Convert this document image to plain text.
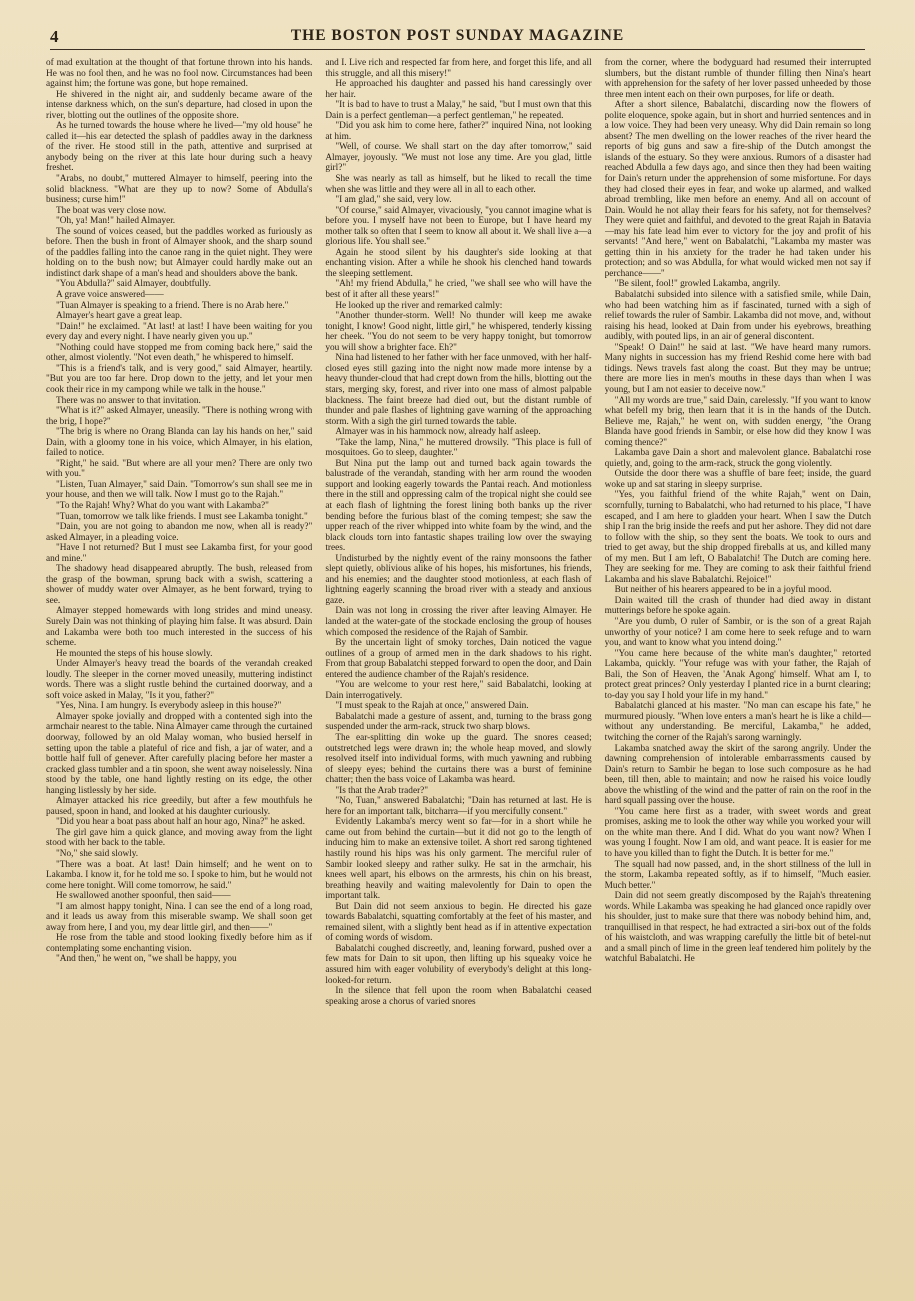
4	THE BOSTON POST SUNDAY MAGAZINE

of mad exultation at the thought of that fortune thrown into his hands. He was no fool then, and he was no fool now. Circumstances had been against him; the fortune was gone, but hope remained.

He shivered in the night air, and suddenly became aware of the intense darkness which, on the sun's departure, had closed in upon the river, blotting out the outlines of the opposite shore.

As he turned towards the house where he lived—"my old house" he called it—his ear detected the splash of paddles away in the darkness of the river. He stood still in the path, attentive and surprised at anybody being on the river at this late hour during such a heavy freshet.

"Arabs, no doubt," muttered Almayer to himself, peering into the solid blackness. "What are they up to now? Some of Abdulla's business; curse him!"

The boat was very close now.

"Oh, ya! Man!" hailed Almayer.

The sound of voices ceased, but the paddles worked as furiously as before. Then the bush in front of Almayer shook, and the sharp sound of the paddles falling into the canoe rang in the quiet night. They were holding on to the bush now; but Almayer could hardly make out an indistinct dark shape of a man's head and shoulders above the bank.

"You Abdulla?" said Almayer, doubtfully.

A grave voice answered——

"Tuan Almayer is speaking to a friend. There is no Arab here."

Almayer's heart gave a great leap.

"Dain!" he exclaimed. "At last! at last! I have been waiting for you every day and every night. I have nearly given you up."

"Nothing could have stopped me from coming back here," said the other, almost violently. "Not even death," he whispered to himself.

"This is a friend's talk, and is very good," said Almayer, heartily. "But you are too far here. Drop down to the jetty, and let your men cook their rice in my campong while we talk in the house."

There was no answer to that invitation.

"What is it?" asked Almayer, uneasily. "There is nothing wrong with the brig, I hope?"

"The brig is where no Orang Blanda can lay his hands on her," said Dain, with a gloomy tone in his voice, which Almayer, in his elation, failed to notice.

"Right," he said. "But where are all your men? There are only two with you."

"Listen, Tuan Almayer," said Dain. "Tomorrow's sun shall see me in your house, and then we will talk. Now I must go to the Rajah."

"To the Rajah! Why? What do you want with Lakamba?"

"Tuan, tomorrow we talk like friends. I must see Lakamba tonight."

"Dain, you are not going to abandon me now, when all is ready?" asked Almayer, in a pleading voice.

"Have I not returned? But I must see Lakamba first, for your good and mine."

The shadowy head disappeared abruptly. The bush, released from the grasp of the bowman, sprung back with a swish, scattering a shower of muddy water over Almayer, as he bent forward, trying to see.

Almayer stepped homewards with long strides and mind uneasy. Surely Dain was not thinking of playing him false. It was absurd. Dain and Lakamba were both too much interested in the success of his scheme.

He mounted the steps of his house slowly.

Under Almayer's heavy tread the boards of the verandah creaked loudly. The sleeper in the corner moved uneasily, muttering indistinct words. There was a slight rustle behind the curtained doorway, and a soft voice asked in Malay, "Is it you, father?"

"Yes, Nina. I am hungry. Is everybody asleep in this house?"

Almayer spoke jovially and dropped with a contented sigh into the armchair nearest to the table. Nina Almayer came through the curtained doorway, followed by an old Malay woman, who busied herself in setting upon the table a plateful of rice and fish, a jar of water, and a bottle half full of genever. After carefully placing before her master a cracked glass tumbler and a tin spoon, she went away noiselessly. Nina stood by the table, one hand lightly resting on its edge, the other hanging listlessly by her side.

Almayer attacked his rice greedily, but after a few mouthfuls he paused, spoon in hand, and looked at his daughter curiously.

"Did you hear a boat pass about half an hour ago, Nina?" he asked.

The girl gave him a quick glance, and moving away from the light stood with her back to the table.

"No," she said slowly.

"There was a boat. At last! Dain himself; and he went on to Lakamba. I know it, for he told me so. I spoke to him, but he would not come here tonight. Will come tomorrow, he said."

He swallowed another spoonful, then said——

"I am almost happy tonight, Nina. I can see the end of a long road, and it leads us away from this miserable swamp. We shall soon get away from here, I and you, my dear little girl, and then——"

He rose from the table and stood looking fixedly before him as if contemplating some enchanting vision.

"And then," he went on, "we shall be happy, you

and I. Live rich and respected far from here, and forget this life, and all this struggle, and all this misery!"

He approached his daughter and passed his hand caressingly over her hair.

"It is bad to have to trust a Malay," he said, "but I must own that this Dain is a perfect gentleman—a perfect gentleman," he repeated.

"Did you ask him to come here, father?" inquired Nina, not looking at him.

"Well, of course. We shall start on the day after tomorrow," said Almayer, joyously. "We must not lose any time. Are you glad, little girl?"

She was nearly as tall as himself, but he liked to recall the time when she was little and they were all in all to each other.

"I am glad," she said, very low.

"Of course," said Almayer, vivaciously, "you cannot imagine what is before you. I myself have not been to Europe, but I have heard my mother talk so often that I seem to know all about it. We shall live a—a glorious life. You shall see."

Again he stood silent by his daughter's side looking at that enchanting vision. After a while he shook his clenched hand towards the sleeping settlement.

"Ah! my friend Abdulla," he cried, "we shall see who will have the best of it after all these years!"

He looked up the river and remarked calmly:

"Another thunder-storm. Well! No thunder will keep me awake tonight, I know! Good night, little girl," he whispered, tenderly kissing her cheek. "You do not seem to be very happy tonight, but tomorrow you will show a brighter face. Eh?"

Nina had listened to her father with her face unmoved, with her half-closed eyes still gazing into the night now made more intense by a heavy thunder-cloud that had crept down from the hills, blotting out the stars, merging sky, forest, and river into one mass of almost palpable blackness. The faint breeze had died out, but the distant rumble of thunder and pale flashes of lightning gave warning of the approaching storm. With a sigh the girl turned towards the table.

Almayer was in his hammock now, already half asleep.

"Take the lamp, Nina," he muttered drowsily. "This place is full of mosquitoes. Go to sleep, daughter."

But Nina put the lamp out and turned back again towards the balustrade of the verandah, standing with her arm round the wooden support and looking eagerly towards the Pantai reach. And motionless there in the still and oppressing calm of the tropical night she could see at each flash of lightning the forest lining both banks up the river bending before the furious blast of the coming tempest; she saw the upper reach of the river whipped into white foam by the wind, and the black clouds torn into fantastic shapes trailing low over the swaying trees.

Undisturbed by the nightly event of the rainy monsoons the father slept quietly, oblivious alike of his hopes, his misfortunes, his friends, and his enemies; and the daughter stood motionless, at each flash of lightning eagerly scanning the broad river with a steady and anxious gaze.

Dain was not long in crossing the river after leaving Almayer. He landed at the water-gate of the stockade enclosing the group of houses which composed the residence of the Rajah of Sambir.

By the uncertain light of smoky torches, Dain noticed the vague outlines of a group of armed men in the dark shadows to his right. From that group Babalatchi stepped forward to open the door, and Dain entered the audience chamber of the Rajah's residence.

"You are welcome to your rest here," said Babalatchi, looking at Dain interrogatively.

"I must speak to the Rajah at once," answered Dain.

Babalatchi made a gesture of assent, and, turning to the brass gong suspended under the arm-rack, struck two sharp blows.

The ear-splitting din woke up the guard. The snores ceased; outstretched legs were drawn in; the whole heap moved, and slowly resolved itself into individual forms, with much yawning and rubbing of sleepy eyes; behind the curtains there was a burst of feminine chatter; then the bass voice of Lakamba was heard.

"Is that the Arab trader?"

"No, Tuan," answered Babalatchi; "Dain has returned at last. He is here for an important talk, bitcharra—if you mercifully consent."

Evidently Lakamba's mercy went so far—for in a short while he came out from behind the curtain—but it did not go to the length of inducing him to make an extensive toilet. A short red sarong tightened hastily round his hips was his only garment. The merciful ruler of Sambir looked sleepy and rather sulky. He sat in the armchair, his knees well apart, his elbows on the armrests, his chin on his breast, breathing heavily and waiting malevolently for Dain to open the important talk.

But Dain did not seem anxious to begin. He directed his gaze towards Babalatchi, squatting comfortably at the feet of his master, and remained silent, with a slightly bent head as if in attentive expectation of coming words of wisdom.

Babalatchi coughed discreetly, and, leaning forward, pushed over a few mats for Dain to sit upon, then lifting up his squeaky voice he assured him with eager volubility of everybody's delight at this long-looked-for return.

In the silence that fell upon the room when Babalatchi ceased speaking arose a chorus of varied snores

from the corner, where the bodyguard had resumed their interrupted slumbers, but the distant rumble of thunder filling then Nina's heart with apprehension for the safety of her lover passed unheeded by those three men intent each on their own purposes, for life or death.

After a short silence, Babalatchi, discarding now the flowers of polite eloquence, spoke again, but in short and hurried sentences and in a low voice. They had been very uneasy. Why did Dain remain so long absent? The men dwelling on the lower reaches of the river heard the reports of big guns and saw a fire-ship of the Dutch amongst the islands of the estuary. So they were anxious. Rumors of a disaster had reached Abdulla a few days ago, and since then they had been waiting for Dain's return under the apprehension of some misfortune. For days they had closed their eyes in fear, and woke up alarmed, and walked abroad trembling, like men before an enemy. And all on account of Dain. Would he not allay their fears for his safety, not for themselves? They were quiet and faithful, and devoted to the great Rajah in Batavia—may his fate lead him ever to victory for the joy and profit of his servants! "And here," went on Babalatchi, "Lakamba my master was getting thin in his anxiety for the trader he had taken under his protection; and so was Abdulla, for what would wicked men not say if perchance——"

"Be silent, fool!" growled Lakamba, angrily.

Babalatchi subsided into silence with a satisfied smile, while Dain, who had been watching him as if fascinated, turned with a sigh of relief towards the ruler of Sambir. Lakamba did not move, and, without raising his head, looked at Dain from under his eyebrows, breathing audibly, with pouted lips, in an air of general discontent.

"Speak! O Dain!" he said at last. "We have heard many rumors. Many nights in succession has my friend Reshid come here with bad tidings. News travels fast along the coast. But they may be untrue; there are more lies in men's mouths in these days than when I was young, but I am not easier to deceive now."

"All my words are true," said Dain, carelessly. "If you want to know what befell my brig, then learn that it is in the hands of the Dutch. Believe me, Rajah," he went on, with sudden energy, "the Orang Blanda have good friends in Sambir, or else how did they know I was coming thence?"

Lakamba gave Dain a short and malevolent glance. Babalatchi rose quietly, and, going to the arm-rack, struck the gong violently.

Outside the door there was a shuffle of bare feet; inside, the guard woke up and sat staring in sleepy surprise.

"Yes, you faithful friend of the white Rajah," went on Dain, scornfully, turning to Babalatchi, who had returned to his place, "I have escaped, and I am here to gladden your heart. When I saw the Dutch ship I ran the brig inside the reefs and put her ashore. They did not dare to follow with the ship, so they sent the boats. We took to ours and tried to get away, but the ship dropped fireballs at us, and killed many of my men. But I am left, O Babalatchi! The Dutch are coming here. They are seeking for me. They are coming to ask their faithful friend Lakamba and his slave Babalatchi. Rejoice!"

But neither of his hearers appeared to be in a joyful mood.

Dain waited till the crash of thunder had died away in distant mutterings before he spoke again.

"Are you dumb, O ruler of Sambir, or is the son of a great Rajah unworthy of your notice? I am come here to seek refuge and to warn you, and want to know what you intend doing."

"You came here because of the white man's daughter," retorted Lakamba, quickly. "Your refuge was with your father, the Rajah of Bali, the Son of Heaven, the 'Anak Agong' himself. What am I, to protect great princes? Only yesterday I planted rice in a burnt clearing; to-day you say I hold your life in my hand."

Babalatchi glanced at his master. "No man can escape his fate," he murmured piously. "When love enters a man's heart he is like a child—without any understanding. Be merciful, Lakamba," he added, twitching the corner of the Rajah's sarong warningly.

Lakamba snatched away the skirt of the sarong angrily. Under the dawning comprehension of intolerable embarrassments caused by Dain's return to Sambir he began to lose such composure as he had been, till then, able to maintain; and now he raised his voice loudly above the whistling of the wind and the patter of rain on the roof in the hard squall passing over the house.

"You came here first as a trader, with sweet words and great promises, asking me to look the other way while you worked your will on the white man there. And I did. What do you want now? When I was young I fought. Now I am old, and want peace. It is easier for me to have you killed than to fight the Dutch. It is better for me."

The squall had now passed, and, in the short stillness of the lull in the storm, Lakamba repeated softly, as if to himself, "Much easier. Much better."

Dain did not seem greatly discomposed by the Rajah's threatening words. While Lakamba was speaking he had glanced once rapidly over his shoulder, just to make sure that there was nobody behind him, and, tranquillised in that respect, he had extracted a siri-box out of the folds of his waistcloth, and was wrapping carefully the little bit of betel-nut and a small pinch of lime in the green leaf tendered him politely by the watchful Babalatchi. He
